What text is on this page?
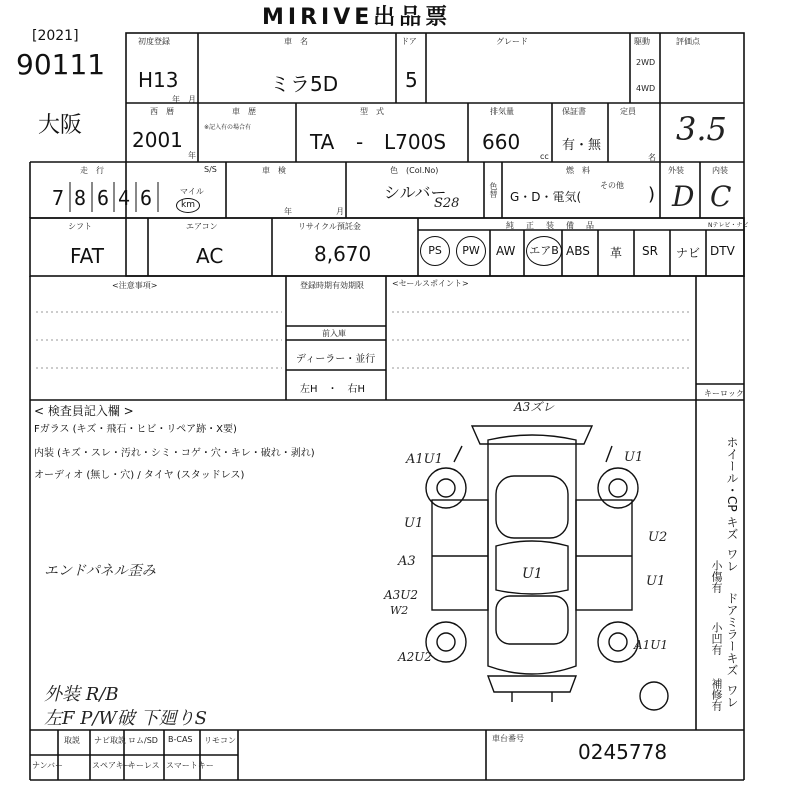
MIRIVE出品票
[2021]
90111
大阪
初度登録
H13
年 月
車　名
ミラ5D
ドア
5
グレード	駆動
2WD
4WD
評価点
3.5
西　暦
2001
年
車　歴
※記入有の場合有
型　式
TA - L700S
排気量
660
cc
保証書
有・無
定員
名
走　行
7 8 6 4 6	マイル
km
S/S	車　検
年	月
色　(Col.No)
シルバー
S28
色替
燃　料
G・D・電気(
その他 )
外装
D
内装
C
シフト
FAT
エアコン
AC
リサイクル預託金
8,670
純　正　装　備　品	Nテレビ・ナビ
PS	PW	AW エアB ABS 革 SR ナビ DTV
<注意事項>	登録時期有効期限
前入庫
ディーラー・並行
左H　・　右H
<セールスポイント>
キーロック
< 検査員記入欄 >
Fガラス (キズ・飛石・ヒビ・リペア跡・X要)
内装 (キズ・スレ・汚れ・シミ・コゲ・穴・キレ・破れ・剥れ)
オーディオ (無し・穴) / タイヤ (スタッドレス)
エンドパネル歪み
外装 R/B
左F P/W破 下廻りS
A3ズレ
A1U1	U1
U1
U2
A3
U1	U1
A3U2
W2
A2U2
A1U1
ホイール・CP
キズ
ワレ
ドアミラー
キズ
ワレ
小傷有
小凹有
補修有
取説 ナビ取説 ロム/SD B-CAS リモコン
ナンバー	スペアキー
キーレス スマートキー
車台番号
0245778
